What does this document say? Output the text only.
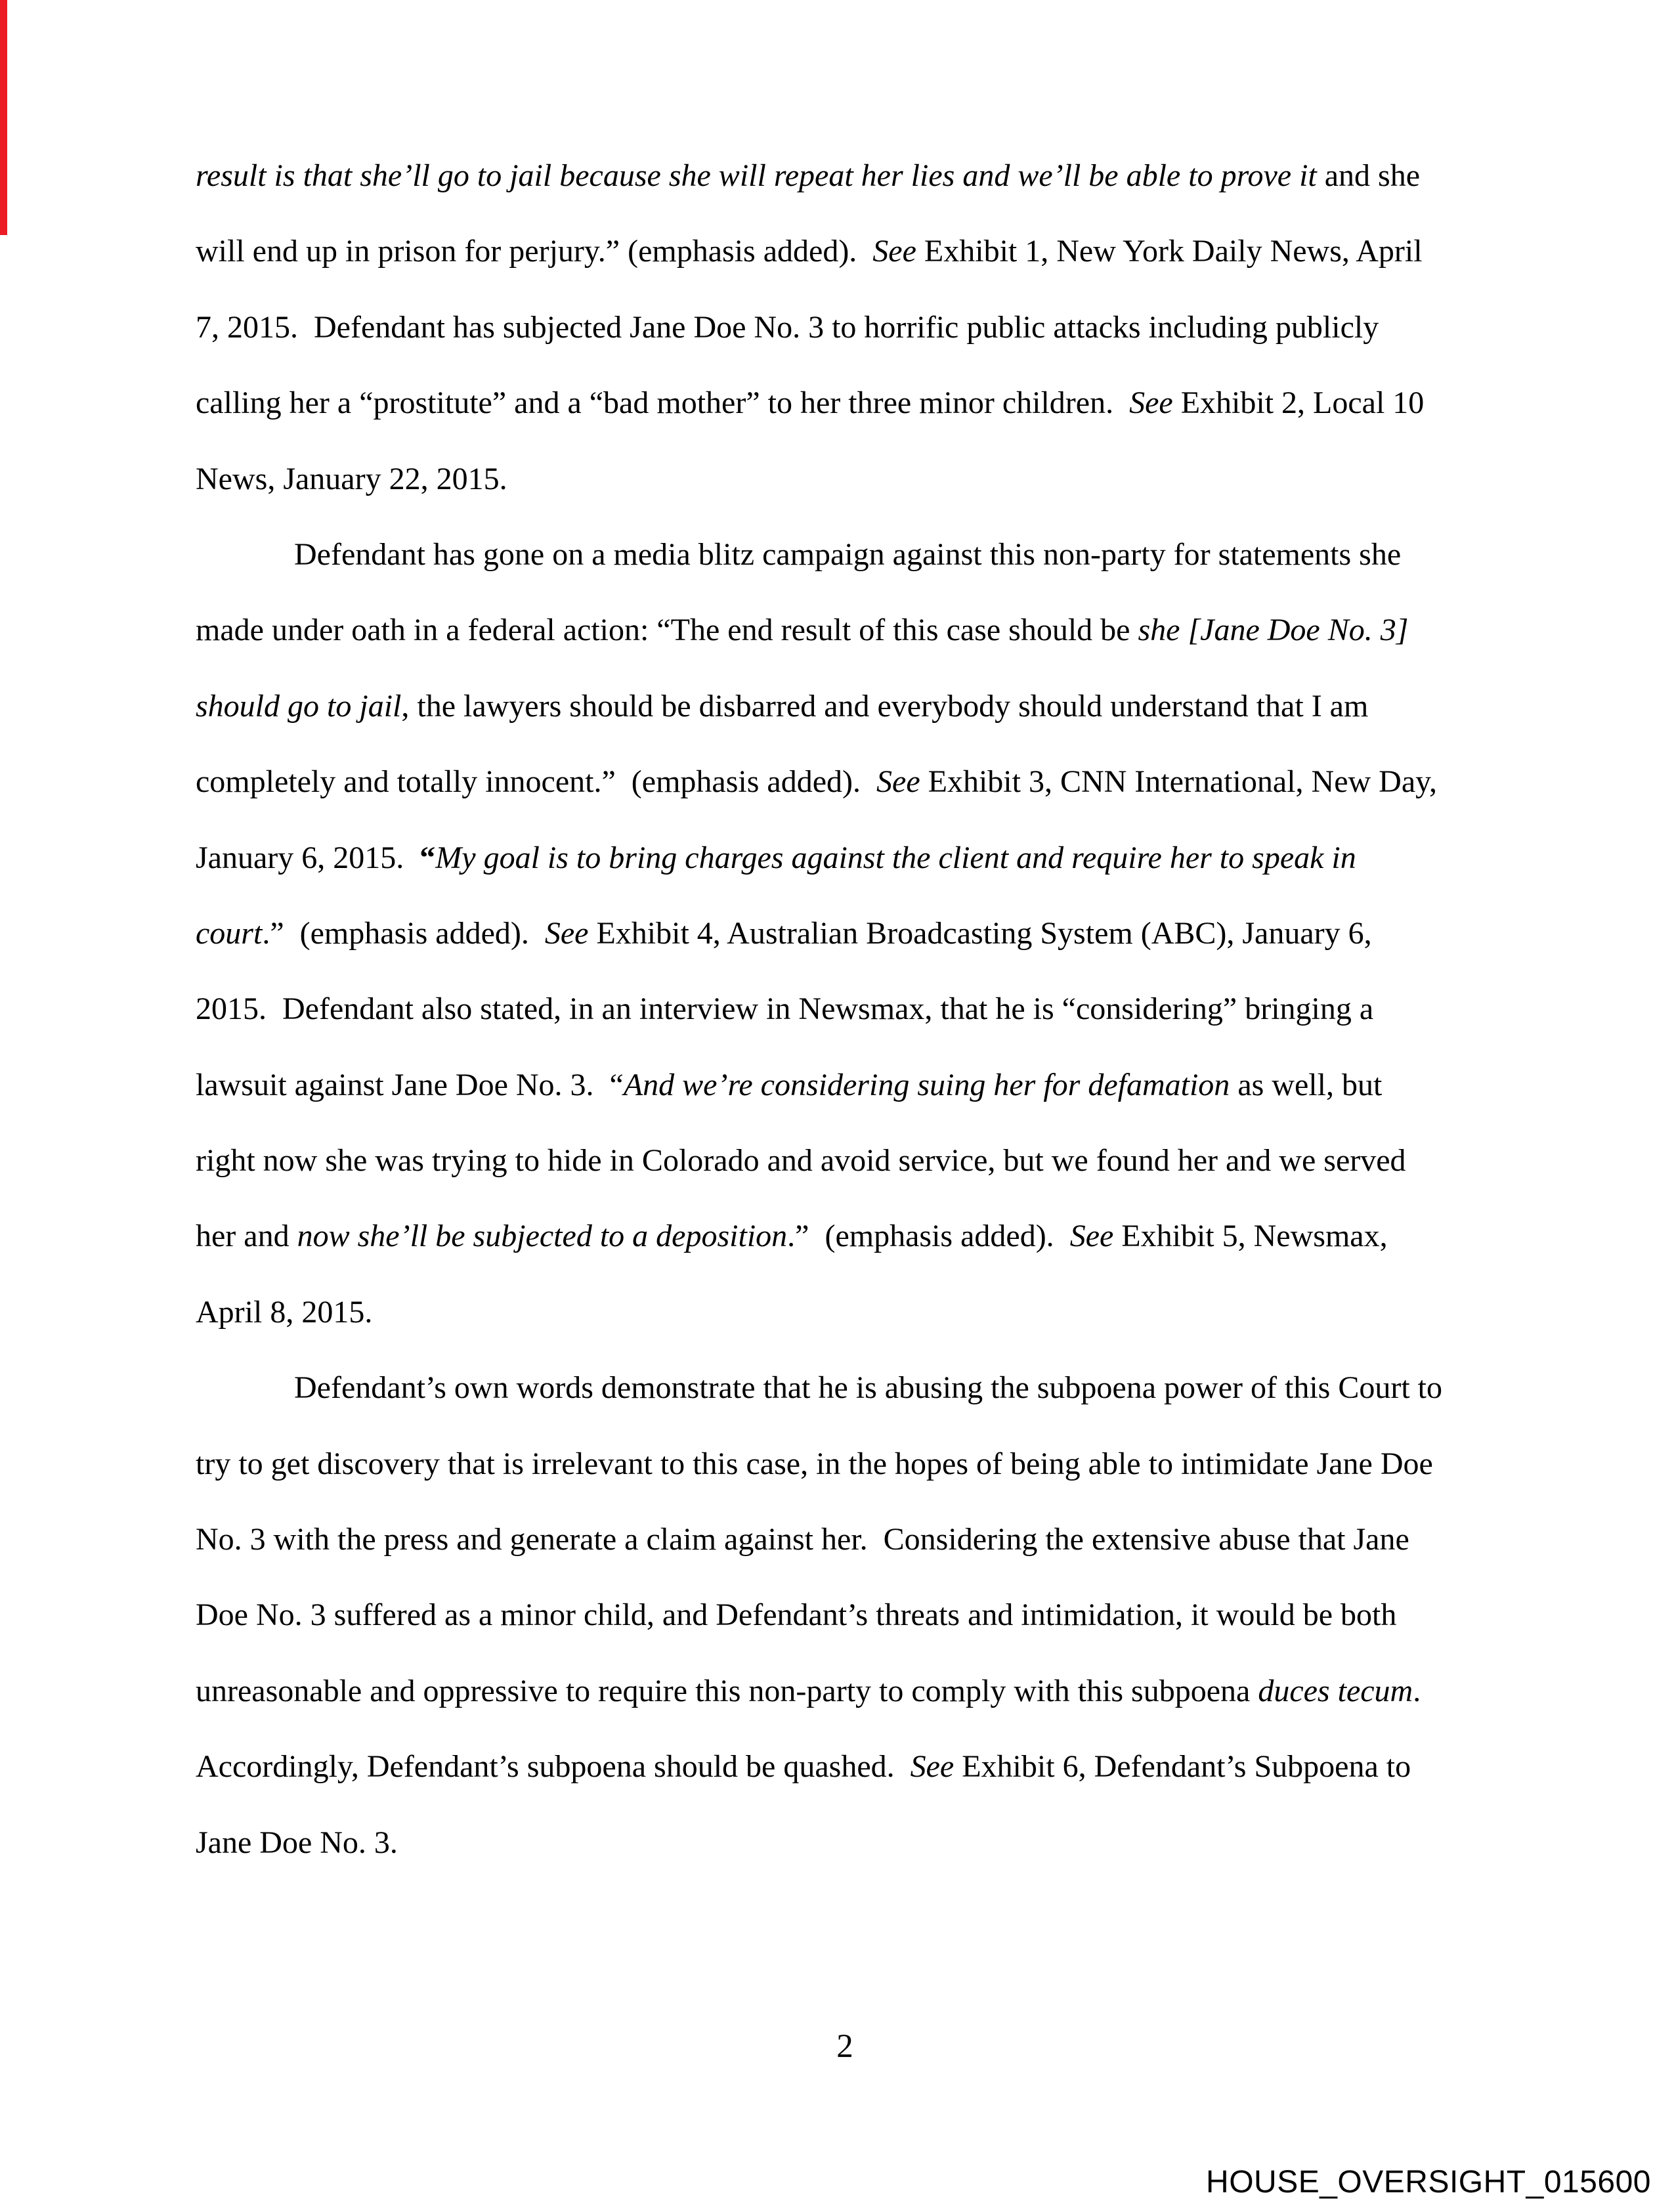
result is that she’ll go to jail because she will repeat her lies and we’ll be able to prove it and she
will end up in prison for perjury.” (emphasis added).  See Exhibit 1, New York Daily News, April
7, 2015.  Defendant has subjected Jane Doe No. 3 to horrific public attacks including publicly
calling her a “prostitute” and a “bad mother” to her three minor children.  See Exhibit 2, Local 10
News, January 22, 2015.
Defendant has gone on a media blitz campaign against this non-party for statements she
made under oath in a federal action: “The end result of this case should be she [Jane Doe No. 3]
should go to jail, the lawyers should be disbarred and everybody should understand that I am
completely and totally innocent.”  (emphasis added).  See Exhibit 3, CNN International, New Day,
January 6, 2015.  “My goal is to bring charges against the client and require her to speak in
court.”  (emphasis added).  See Exhibit 4, Australian Broadcasting System (ABC), January 6,
2015.  Defendant also stated, in an interview in Newsmax, that he is “considering” bringing a
lawsuit against Jane Doe No. 3.  “And we’re considering suing her for defamation as well, but
right now she was trying to hide in Colorado and avoid service, but we found her and we served
her and now she’ll be subjected to a deposition.”  (emphasis added).  See Exhibit 5, Newsmax,
April 8, 2015.
Defendant’s own words demonstrate that he is abusing the subpoena power of this Court to
try to get discovery that is irrelevant to this case, in the hopes of being able to intimidate Jane Doe
No. 3 with the press and generate a claim against her.  Considering the extensive abuse that Jane
Doe No. 3 suffered as a minor child, and Defendant’s threats and intimidation, it would be both
unreasonable and oppressive to require this non-party to comply with this subpoena duces tecum.
Accordingly, Defendant’s subpoena should be quashed.  See Exhibit 6, Defendant’s Subpoena to
Jane Doe No. 3.
2
HOUSE_OVERSIGHT_015600
